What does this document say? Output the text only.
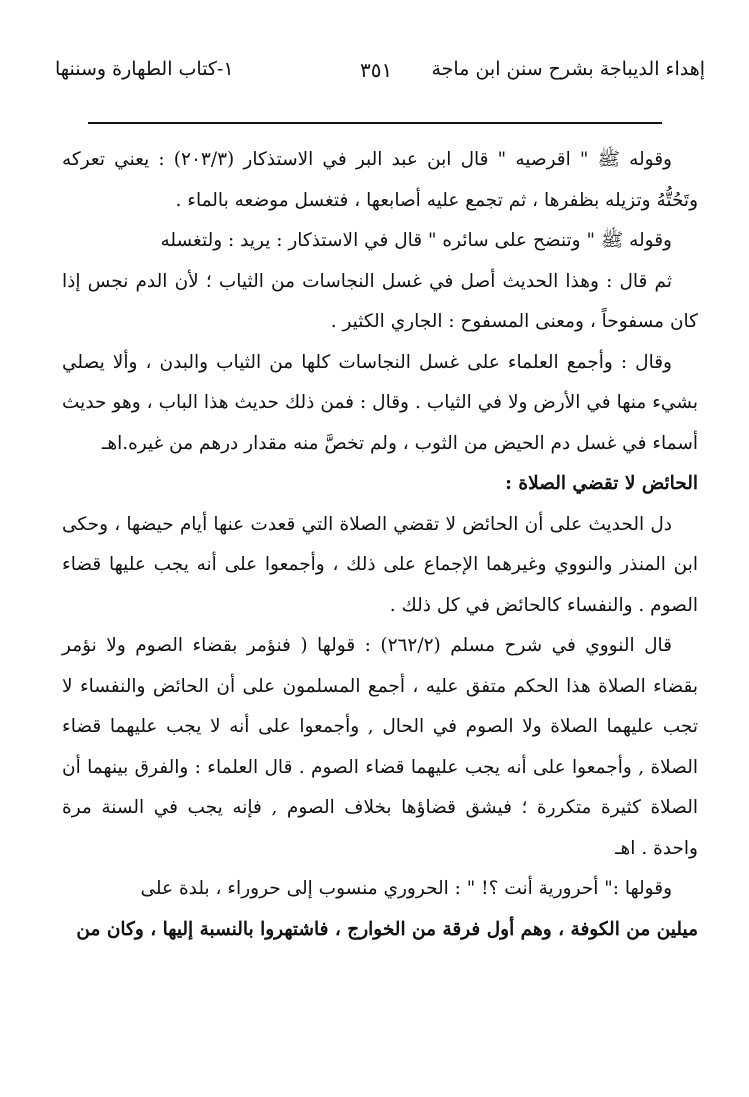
إهداء الديباجة بشرح سنن ابن ماجة
٣٥١
١-كتاب الطهارة وسننها

وقوله ﷺ " اقرصيه " قال ابن عبد البر في الاستذكار (٢٠٣/٣) : يعني تعركه وتَحُتُّهُ وتزيله بظفرها ، ثم تجمع عليه أصابعها ، فتغسل موضعه بالماء .

وقوله ﷺ " وتنضح على سائره " قال في الاستذكار : يريد : ولتغسله

ثم قال : وهذا الحديث أصل في غسل النجاسات من الثياب ؛ لأن الدم نجس إذا كان مسفوحاً ، ومعنى المسفوح : الجاري الكثير .

وقال : وأجمع العلماء على غسل النجاسات كلها من الثياب والبدن ، وألا يصلي بشيء منها في الأرض ولا في الثياب . وقال : فمن ذلك حديث هذا الباب ، وهو حديث أسماء في غسل دم الحيض من الثوب ، ولم تخصَّ منه مقدار درهم من غيره.اهـ

الحائض لا تقضي الصلاة :

دل الحديث على أن الحائض لا تقضي الصلاة التي قعدت عنها أيام حيضها ، وحكى ابن المنذر والنووي وغيرهما الإجماع على ذلك ، وأجمعوا على أنه يجب عليها قضاء الصوم . والنفساء كالحائض في كل ذلك .

قال النووي في شرح مسلم (٢٦٢/٢) : قولها ( فنؤمر بقضاء الصوم ولا نؤمر بقضاء الصلاة هذا الحكم متفق عليه ، أجمع المسلمون على أن الحائض والنفساء لا تجب عليهما الصلاة ولا الصوم في الحال , وأجمعوا على أنه لا يجب عليهما قضاء الصلاة , وأجمعوا على أنه يجب عليهما قضاء الصوم . قال العلماء : والفرق بينهما أن الصلاة كثيرة متكررة ؛ فيشق قضاؤها بخلاف الصوم , فإنه يجب في السنة مرة واحدة . اهـ

وقولها :" أحرورية أنت ؟! " : الحروري منسوب إلى حروراء ، بلدة على

ميلين من الكوفة ، وهم أول فرقة من الخوارج ، فاشتهروا بالنسبة إليها ، وكان من
